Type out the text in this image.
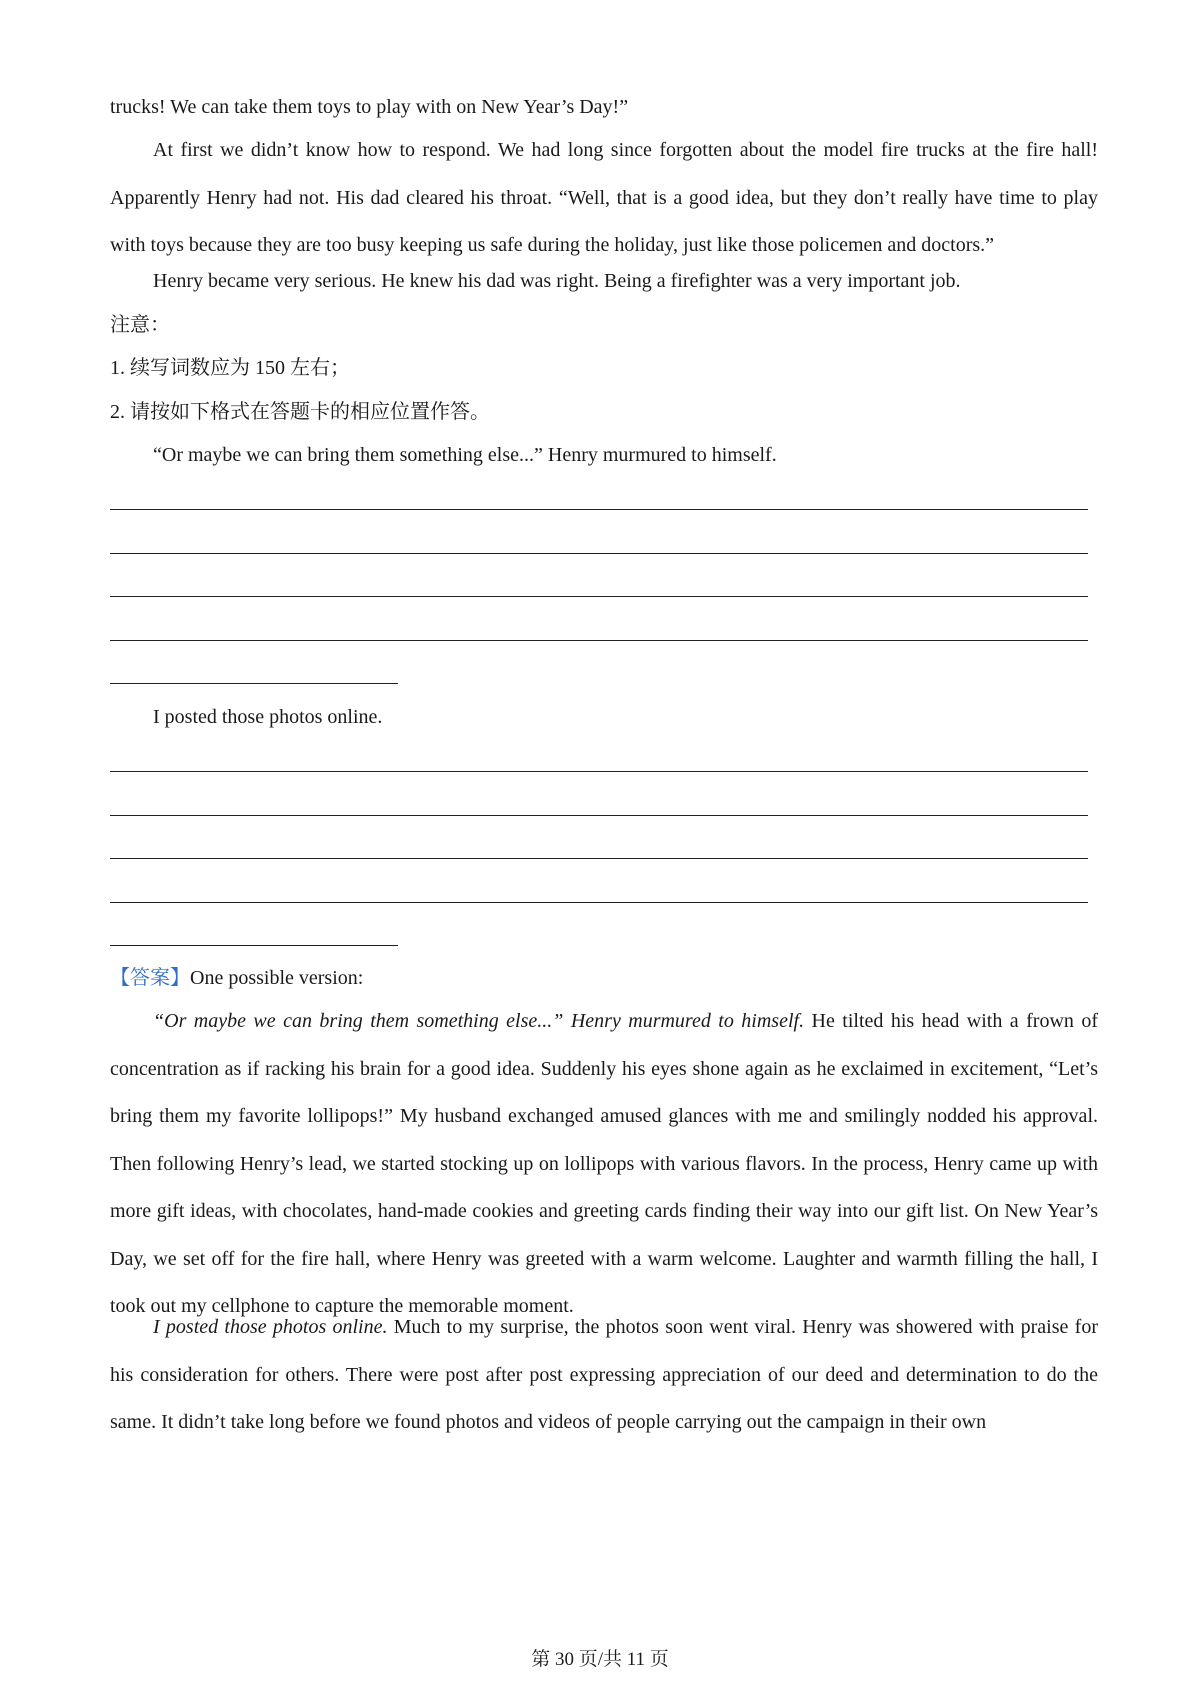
trucks! We can take them toys to play with on New Year’s Day!”

At first we didn’t know how to respond. We had long since forgotten about the model fire trucks at the fire hall! Apparently Henry had not. His dad cleared his throat. “Well, that is a good idea, but they don’t really have time to play with toys because they are too busy keeping us safe during the holiday, just like those policemen and doctors.”

Henry became very serious. He knew his dad was right. Being a firefighter was a very important job.

注意：

1. 续写词数应为 150 左右；

2. 请按如下格式在答题卡的相应位置作答。

“Or maybe we can bring them something else...” Henry murmured to himself.

I posted those photos online.

【答案】One possible version:

“Or maybe we can bring them something else...” Henry murmured to himself. He tilted his head with a frown of concentration as if racking his brain for a good idea. Suddenly his eyes shone again as he exclaimed in excitement, “Let’s bring them my favorite lollipops!” My husband exchanged amused glances with me and smilingly nodded his approval. Then following Henry’s lead, we started stocking up on lollipops with various flavors. In the process, Henry came up with more gift ideas, with chocolates, hand-made cookies and greeting cards finding their way into our gift list. On New Year’s Day, we set off for the fire hall, where Henry was greeted with a warm welcome. Laughter and warmth filling the hall, I took out my cellphone to capture the memorable moment.

I posted those photos online. Much to my surprise, the photos soon went viral. Henry was showered with praise for his consideration for others. There were post after post expressing appreciation of our deed and determination to do the same. It didn’t take long before we found photos and videos of people carrying out the campaign in their own

第 30 页/共 11 页
